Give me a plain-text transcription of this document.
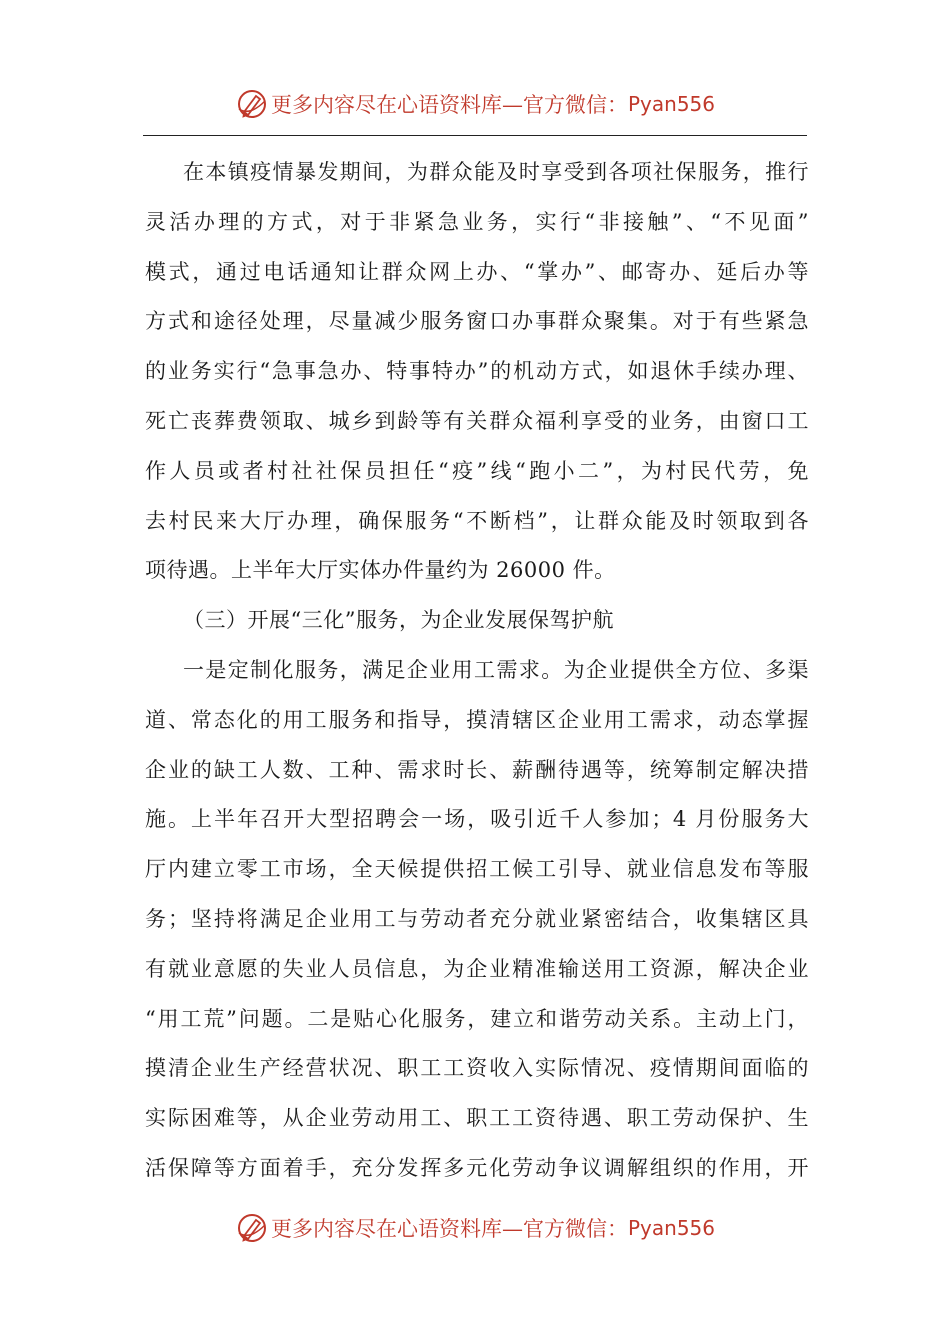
更多内容尽在心语资料库—官方微信： Pyan556
在本镇疫情暴发期间，为群众能及时享受到各项社保服务，推行
灵活办理的方式，对于非紧急业务，实行“非接触”、“不见面”
模式，通过电话通知让群众网上办、“掌办”、邮寄办、延后办等
方式和途径处理，尽量减少服务窗口办事群众聚集。对于有些紧急
的业务实行“急事急办、特事特办”的机动方式，如退休手续办理、
死亡丧葬费领取、城乡到龄等有关群众福利享受的业务，由窗口工
作人员或者村社社保员担任“疫”线“跑小二”，为村民代劳，免
去村民来大厅办理，确保服务“不断档”，让群众能及时领取到各
项待遇。上半年大厅实体办件量约为 26000 件。
（三）开展“三化”服务，为企业发展保驾护航
一是定制化服务，满足企业用工需求。为企业提供全方位、多渠
道、常态化的用工服务和指导，摸清辖区企业用工需求，动态掌握
企业的缺工人数、工种、需求时长、薪酬待遇等，统筹制定解决措
施。上半年召开大型招聘会一场，吸引近千人参加；4 月份服务大
厅内建立零工市场，全天候提供招工候工引导、就业信息发布等服
务；坚持将满足企业用工与劳动者充分就业紧密结合，收集辖区具
有就业意愿的失业人员信息，为企业精准输送用工资源，解决企业
“用工荒”问题。二是贴心化服务，建立和谐劳动关系。主动上门，
摸清企业生产经营状况、职工工资收入实际情况、疫情期间面临的
实际困难等，从企业劳动用工、职工工资待遇、职工劳动保护、生
活保障等方面着手，充分发挥多元化劳动争议调解组织的作用，开
更多内容尽在心语资料库—官方微信： Pyan556
